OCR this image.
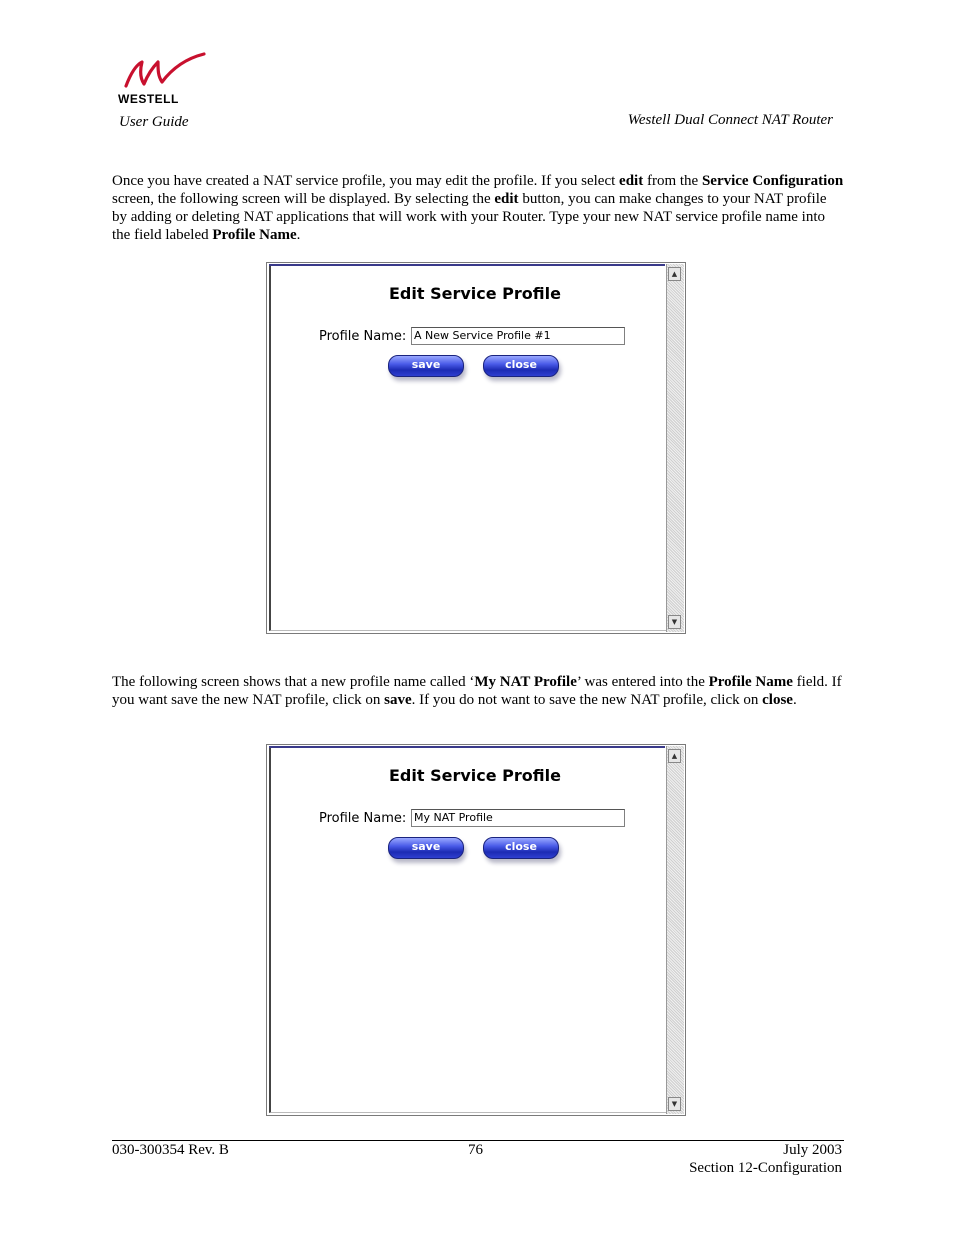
WESTELL
User Guide	Westell Dual Connect NAT Router

Once you have created a NAT service profile, you may edit the profile. If you select edit from the Service Configuration screen, the following screen will be displayed. By selecting the edit button, you can make changes to your NAT profile by adding or deleting NAT applications that will work with your Router. Type your new NAT service profile name into the field labeled Profile Name.

Edit Service Profile
Profile Name: A New Service Profile #1
save	close
▲
▼

The following screen shows that a new profile name called ‘My NAT Profile’ was entered into the Profile Name field. If you want save the new NAT profile, click on save. If you do not want to save the new NAT profile, click on close.

Edit Service Profile
Profile Name: My NAT Profile
save	close
▲
▼
030-300354 Rev. B	76	July 2003
Section 12-Configuration
